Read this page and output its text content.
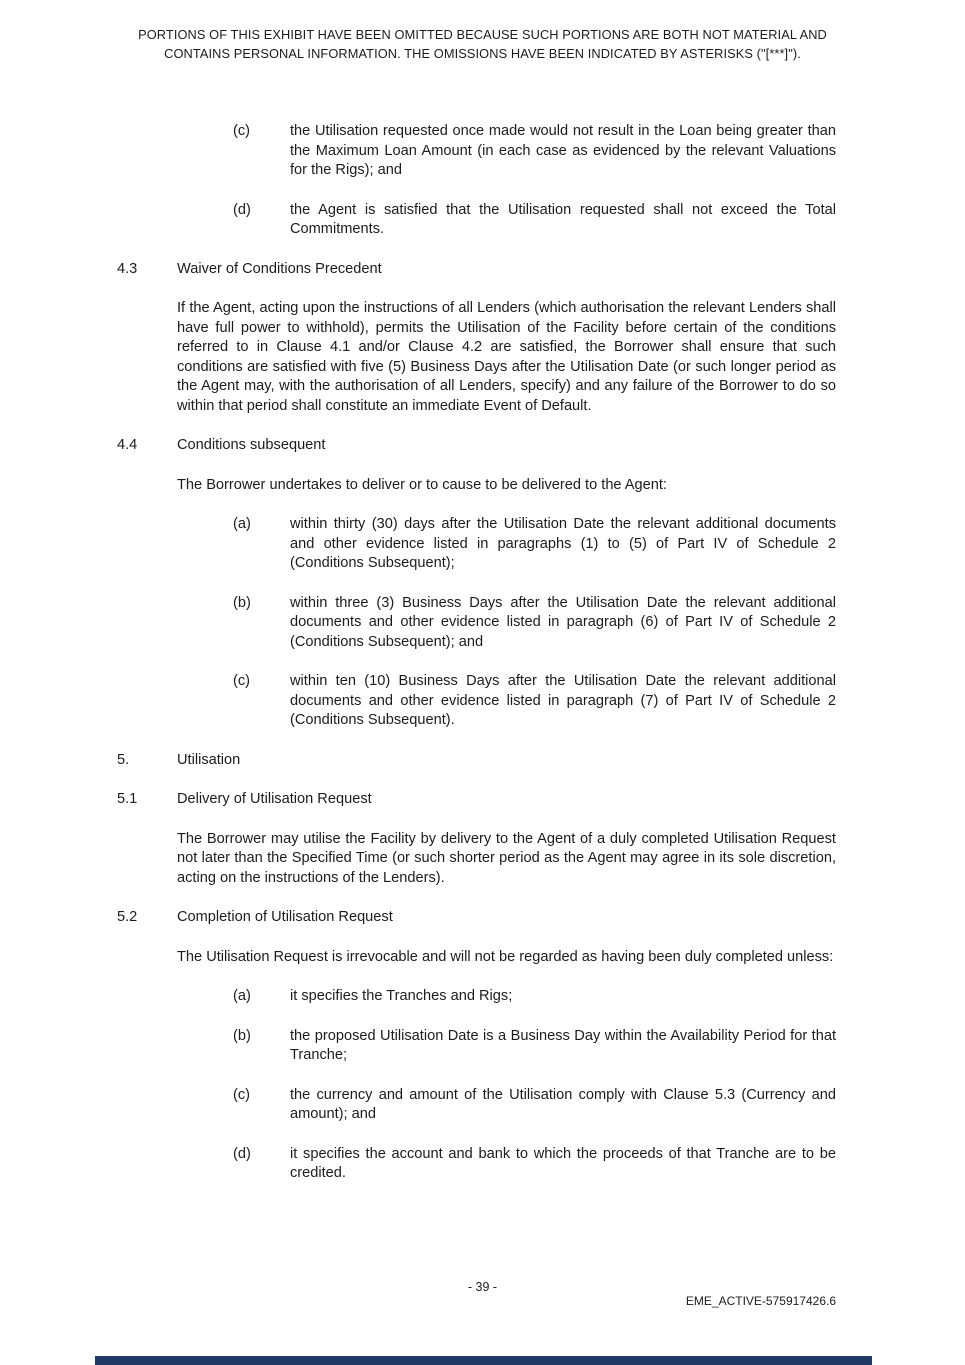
PORTIONS OF THIS EXHIBIT HAVE BEEN OMITTED BECAUSE SUCH PORTIONS ARE BOTH NOT MATERIAL AND
CONTAINS PERSONAL INFORMATION. THE OMISSIONS HAVE BEEN INDICATED BY ASTERISKS ("[***]").
(c)	the Utilisation requested once made would not result in the Loan being greater than the Maximum Loan Amount (in each case as evidenced by the relevant Valuations for the Rigs); and
(d)	the Agent is satisfied that the Utilisation requested shall not exceed the Total Commitments.
4.3	Waiver of Conditions Precedent

If the Agent, acting upon the instructions of all Lenders (which authorisation the relevant Lenders shall have full power to withhold), permits the Utilisation of the Facility before certain of the conditions referred to in Clause 4.1 and/or Clause 4.2 are satisfied, the Borrower shall ensure that such conditions are satisfied with five (5) Business Days after the Utilisation Date (or such longer period as the Agent may, with the authorisation of all Lenders, specify) and any failure of the Borrower to do so within that period shall constitute an immediate Event of Default.

4.4	Conditions subsequent

The Borrower undertakes to deliver or to cause to be delivered to the Agent:

(a)	within thirty (30) days after the Utilisation Date the relevant additional documents and other evidence listed in paragraphs (1) to (5) of Part IV of Schedule 2 (Conditions Subsequent);
(b)	within three (3) Business Days after the Utilisation Date the relevant additional documents and other evidence listed in paragraph (6) of Part IV of Schedule 2 (Conditions Subsequent); and
(c)	within ten (10) Business Days after the Utilisation Date the relevant additional documents and other evidence listed in paragraph (7) of Part IV of Schedule 2 (Conditions Subsequent).
5.	Utilisation
5.1	Delivery of Utilisation Request

The Borrower may utilise the Facility by delivery to the Agent of a duly completed Utilisation Request not later than the Specified Time (or such shorter period as the Agent may agree in its sole discretion, acting on the instructions of the Lenders).

5.2	Completion of Utilisation Request

The Utilisation Request is irrevocable and will not be regarded as having been duly completed unless:

(a)	it specifies the Tranches and Rigs;
(b)	the proposed Utilisation Date is a Business Day within the Availability Period for that Tranche;
(c)	the currency and amount of the Utilisation comply with Clause 5.3 (Currency and amount); and
(d)	it specifies the account and bank to which the proceeds of that Tranche are to be credited.
- 39 -
EME_ACTIVE-575917426.6
